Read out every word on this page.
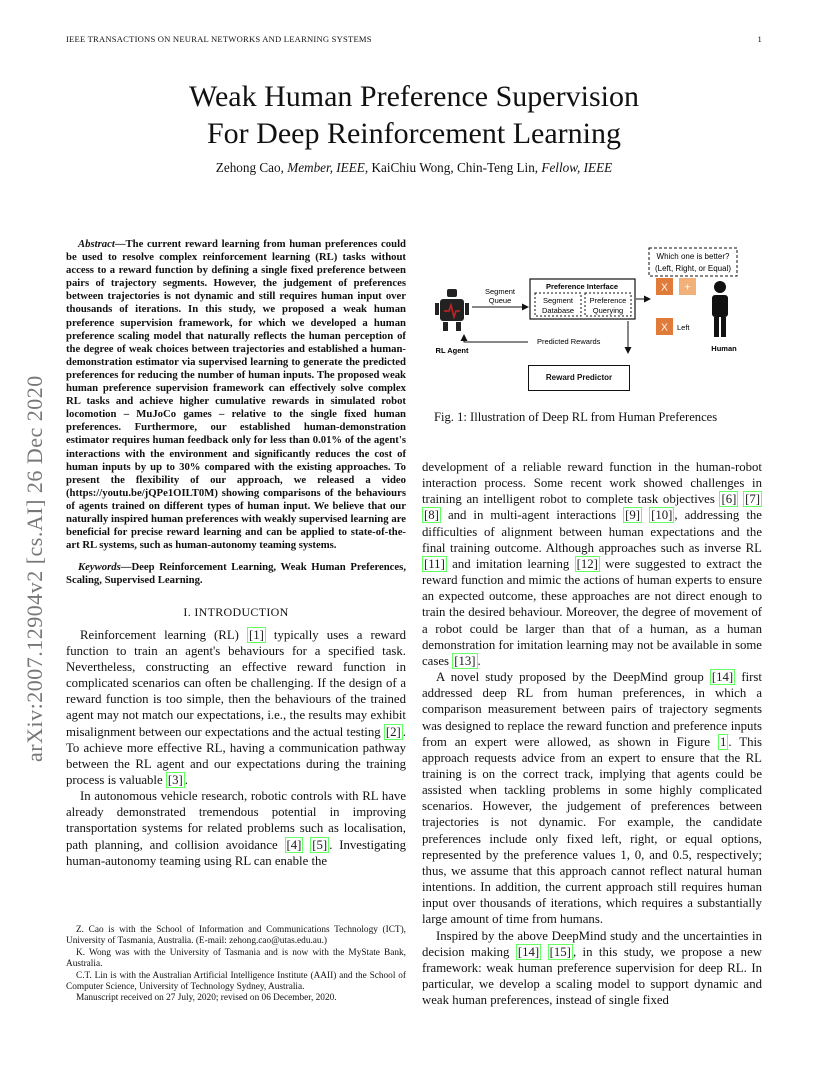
IEEE TRANSACTIONS ON NEURAL NETWORKS AND LEARNING SYSTEMS	1
Weak Human Preference Supervision
For Deep Reinforcement Learning
Zehong Cao, Member, IEEE, KaiChiu Wong, Chin-Teng Lin, Fellow, IEEE
arXiv:2007.12904v2 [cs.AI] 26 Dec 2020
Abstract—The current reward learning from human preferences could be used to resolve complex reinforcement learning (RL) tasks without access to a reward function by defining a single fixed preference between pairs of trajectory segments. However, the judgement of preferences between trajectories is not dynamic and still requires human input over thousands of iterations. In this study, we proposed a weak human preference supervision framework, for which we developed a human preference scaling model that naturally reflects the human perception of the degree of weak choices between trajectories and established a human-demonstration estimator via supervised learning to generate the predicted preferences for reducing the number of human inputs. The proposed weak human preference supervision framework can effectively solve complex RL tasks and achieve higher cumulative rewards in simulated robot locomotion – MuJoCo games – relative to the single fixed human preferences. Furthermore, our established human-demonstration estimator requires human feedback only for less than 0.01% of the agent's interactions with the environment and significantly reduces the cost of human inputs by up to 30% compared with the existing approaches. To present the flexibility of our approach, we released a video (https://youtu.be/jQPe1OILT0M) showing comparisons of the behaviours of agents trained on different types of human input. We believe that our naturally inspired human preferences with weakly supervised learning are beneficial for precise reward learning and can be applied to state-of-the-art RL systems, such as human-autonomy teaming systems.
Keywords—Deep Reinforcement Learning, Weak Human Preferences, Scaling, Supervised Learning.
I. INTRODUCTION

Reinforcement learning (RL) [1] typically uses a reward function to train an agent's behaviours for a specified task. Nevertheless, constructing an effective reward function in complicated scenarios can often be challenging. If the design of a reward function is too simple, then the behaviours of the trained agent may not match our expectations, i.e., the results may exhibit misalignment between our expectations and the actual testing [2] . To achieve more effective RL, having a communication pathway between the RL agent and our expectations during the training process is valuable [3] .

In autonomous vehicle research, robotic controls with RL have already demonstrated tremendous potential in improving transportation systems for related problems such as localisation, path planning, and collision avoidance [4] [5] . Investigating human-autonomy teaming using RL can enable the

Z. Cao is with the School of Information and Communications Technology (ICT), University of Tasmania, Australia. (E-mail: zehong.cao@utas.edu.au.)

K. Wong was with the University of Tasmania and is now with the MyState Bank, Australia.

C.T. Lin is with the Australian Artificial Intelligence Institute (AAII) and the School of Computer Science, University of Technology Sydney, Australia.

Manuscript received on 27 July, 2020; revised on 06 December, 2020.

Which one is better?
(Left, Right, or Equal)
Segment
Queue
Preference Interface
Segment
Database
Preference
Querying
RL Agent	Human
X +
X Left
Predicted Rewards
Reward Predictor
Fig. 1: Illustration of Deep RL from Human Preferences

development of a reliable reward function in the human-robot interaction process. Some recent work showed challenges in training an intelligent robot to complete task objectives [6] [7] [8] and in multi-agent interactions [9] [10] , addressing the difficulties of alignment between human expectations and the final training outcome. Although approaches such as inverse RL [11] and imitation learning [12] were suggested to extract the reward function and mimic the actions of human experts to ensure an expected outcome, these approaches are not direct enough to train the desired behaviour. Moreover, the degree of movement of a robot could be larger than that of a human, as a human demonstration for imitation learning may not be available in some cases [13] .

A novel study proposed by the DeepMind group [14] first addressed deep RL from human preferences, in which a comparison measurement between pairs of trajectory segments was designed to replace the reward function and preference inputs from an expert were allowed, as shown in Figure 1 . This approach requests advice from an expert to ensure that the RL training is on the correct track, implying that agents could be assisted when tackling problems in some highly complicated scenarios. However, the judgement of preferences between trajectories is not dynamic. For example, the candidate preferences include only fixed left, right, or equal options, represented by the preference values 1, 0, and 0.5, respectively; thus, we assume that this approach cannot reflect natural human intentions. In addition, the current approach still requires human input over thousands of iterations, which requires a substantially large amount of time from humans.

Inspired by the above DeepMind study and the uncertainties in decision making [14] [15] , in this study, we propose a new framework: weak human preference supervision for deep RL. In particular, we develop a scaling model to support dynamic and weak human preferences, instead of single fixed
